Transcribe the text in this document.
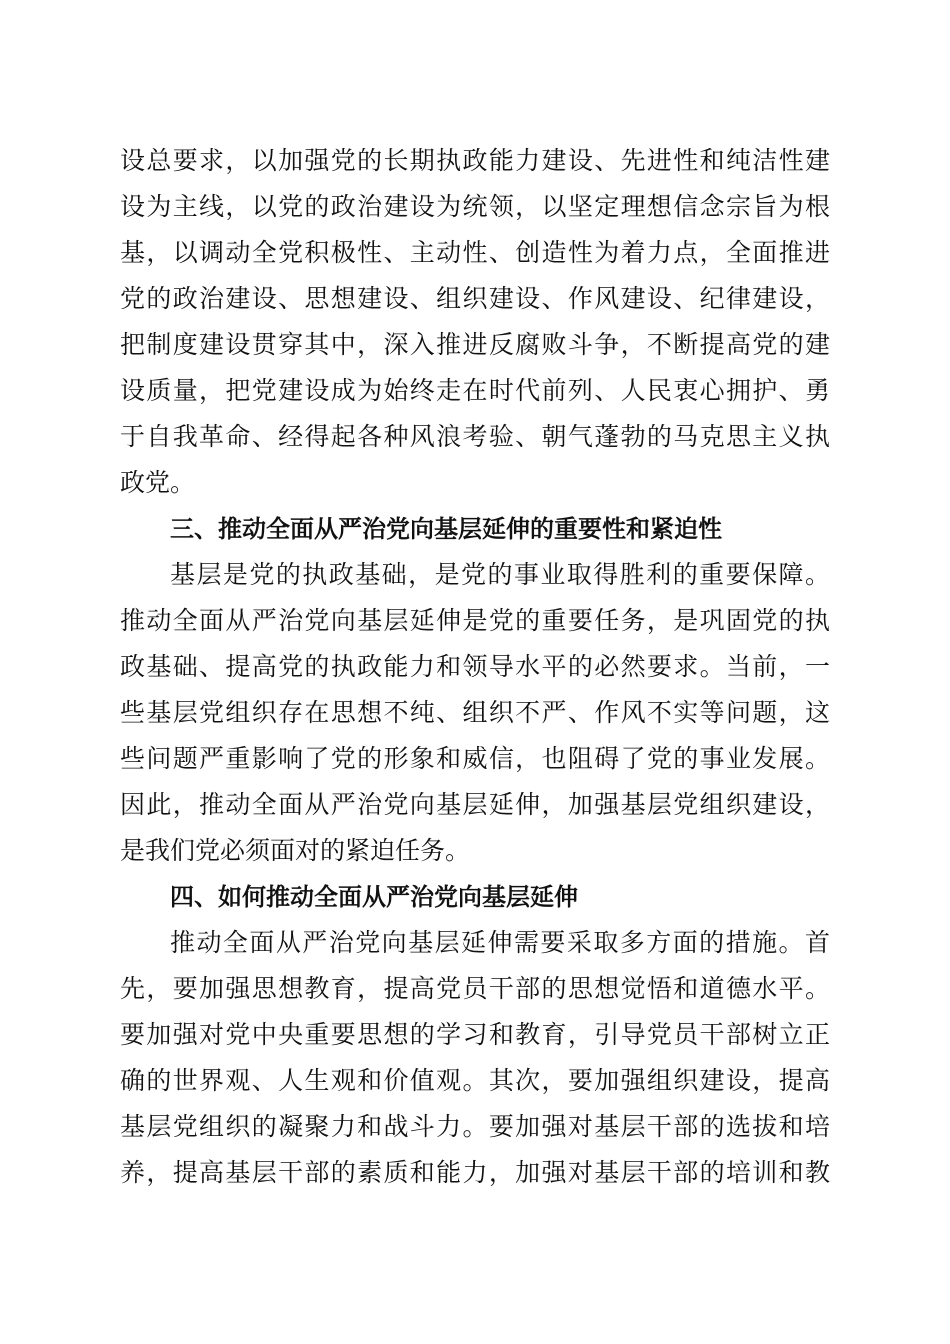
设总要求，以加强党的长期执政能力建设、先进性和纯洁性建
设为主线，以党的政治建设为统领，以坚定理想信念宗旨为根
基，以调动全党积极性、主动性、创造性为着力点，全面推进
党的政治建设、思想建设、组织建设、作风建设、纪律建设，
把制度建设贯穿其中，深入推进反腐败斗争，不断提高党的建
设质量，把党建设成为始终走在时代前列、人民衷心拥护、勇
于自我革命、经得起各种风浪考验、朝气蓬勃的马克思主义执
政党。
三、推动全面从严治党向基层延伸的重要性和紧迫性
基层是党的执政基础，是党的事业取得胜利的重要保障。
推动全面从严治党向基层延伸是党的重要任务，是巩固党的执
政基础、提高党的执政能力和领导水平的必然要求。当前，一
些基层党组织存在思想不纯、组织不严、作风不实等问题，这
些问题严重影响了党的形象和威信，也阻碍了党的事业发展。
因此，推动全面从严治党向基层延伸，加强基层党组织建设，
是我们党必须面对的紧迫任务。
四、如何推动全面从严治党向基层延伸
推动全面从严治党向基层延伸需要采取多方面的措施。首
先，要加强思想教育，提高党员干部的思想觉悟和道德水平。
要加强对党中央重要思想的学习和教育，引导党员干部树立正
确的世界观、人生观和价值观。其次，要加强组织建设，提高
基层党组织的凝聚力和战斗力。要加强对基层干部的选拔和培
养，提高基层干部的素质和能力，加强对基层干部的培训和教
